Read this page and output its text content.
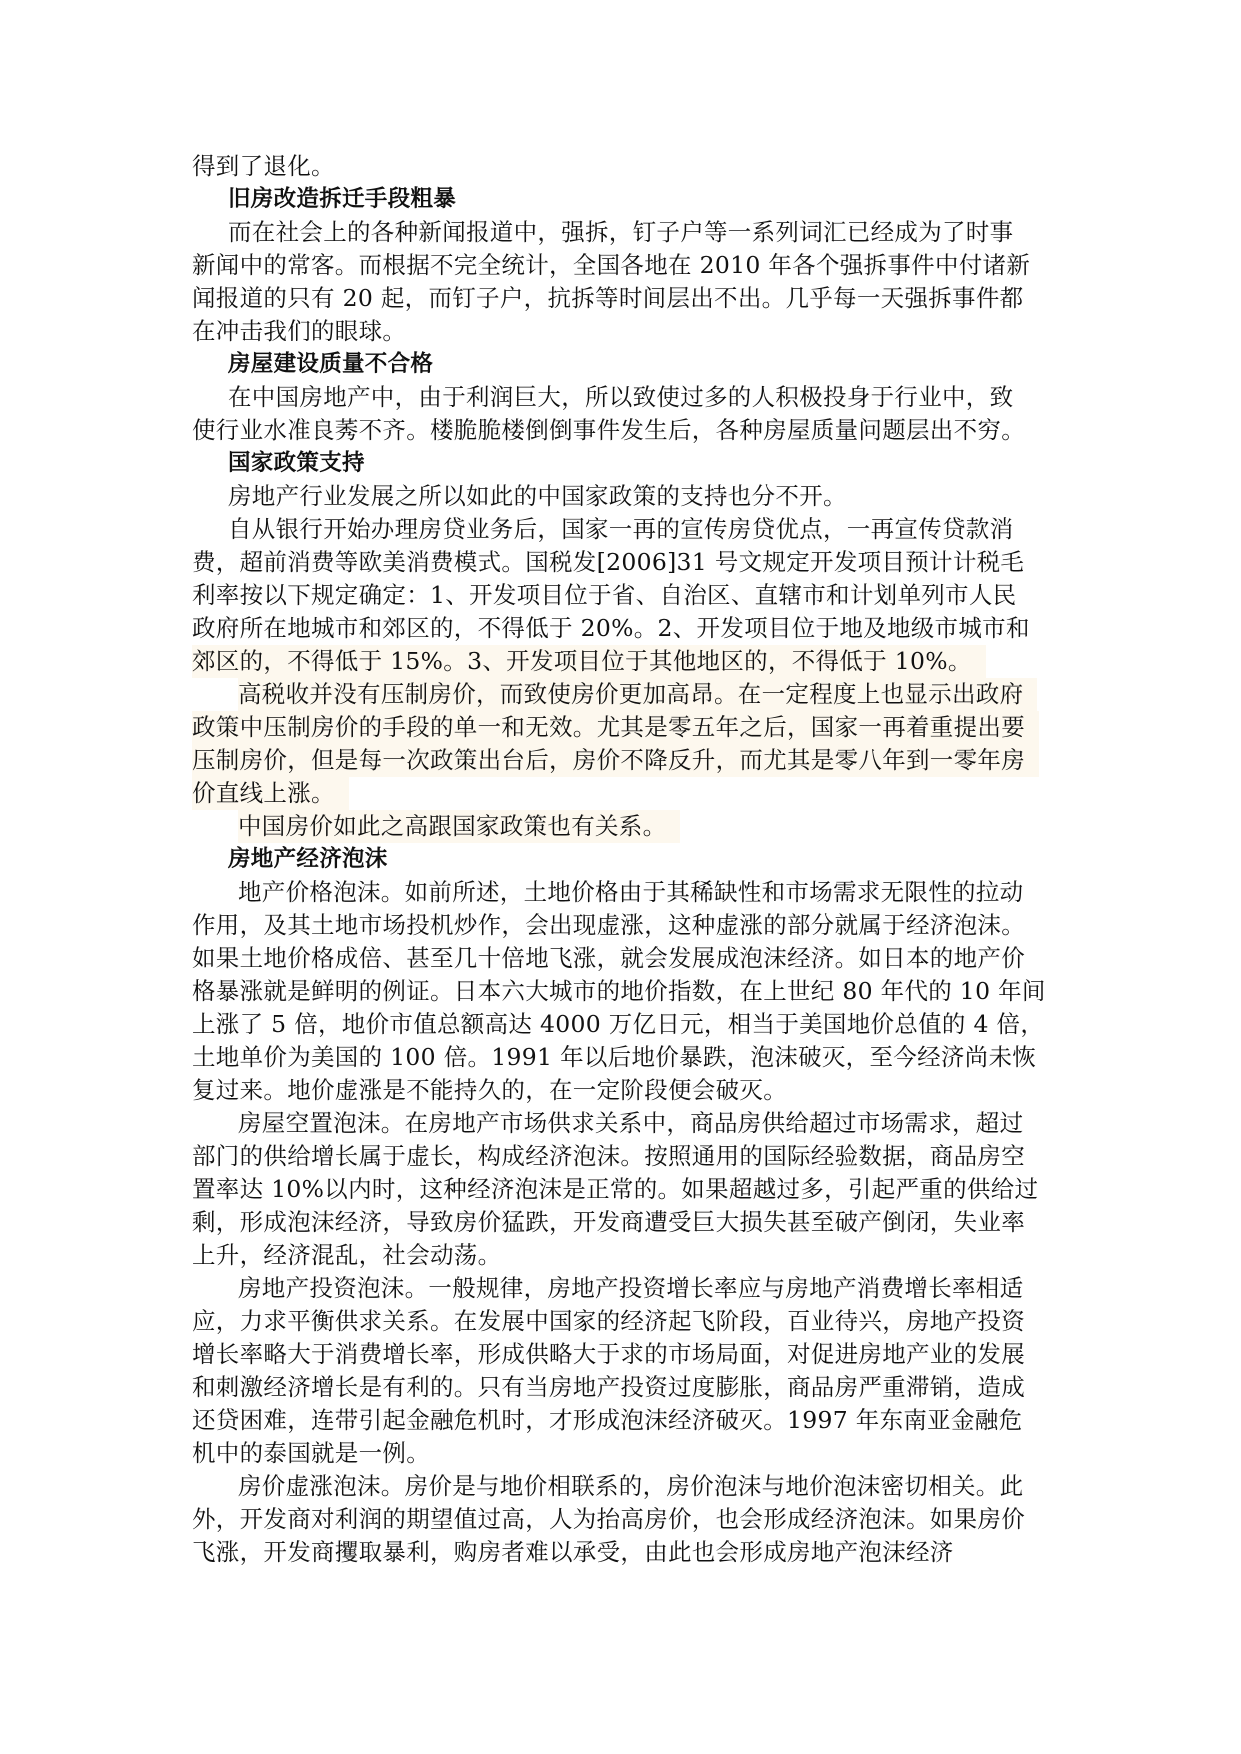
得到了退化。
旧房改造拆迁手段粗暴
而在社会上的各种新闻报道中，强拆，钉子户等一系列词汇已经成为了时事
新闻中的常客。而根据不完全统计，全国各地在 2010 年各个强拆事件中付诸新
闻报道的只有 20 起，而钉子户，抗拆等时间层出不出。几乎每一天强拆事件都
在冲击我们的眼球。
房屋建设质量不合格
在中国房地产中，由于利润巨大，所以致使过多的人积极投身于行业中，致
使行业水准良莠不齐。楼脆脆楼倒倒事件发生后，各种房屋质量问题层出不穷。
国家政策支持
房地产行业发展之所以如此的中国家政策的支持也分不开。
自从银行开始办理房贷业务后，国家一再的宣传房贷优点，一再宣传贷款消
费，超前消费等欧美消费模式。国税发[2006]31 号文规定开发项目预计计税毛
利率按以下规定确定：1、开发项目位于省、自治区、直辖市和计划单列市人民
政府所在地城市和郊区的，不得低于 20%。2、开发项目位于地及地级市城市和
郊区的，不得低于 15%。3、开发项目位于其他地区的，不得低于 10%。
高税收并没有压制房价，而致使房价更加高昂。在一定程度上也显示出政府
政策中压制房价的手段的单一和无效。尤其是零五年之后，国家一再着重提出要
压制房价，但是每一次政策出台后，房价不降反升，而尤其是零八年到一零年房
价直线上涨。
中国房价如此之高跟国家政策也有关系。
房地产经济泡沫
地产价格泡沫。如前所述，土地价格由于其稀缺性和市场需求无限性的拉动
作用，及其土地市场投机炒作，会出现虚涨，这种虚涨的部分就属于经济泡沫。
如果土地价格成倍、甚至几十倍地飞涨，就会发展成泡沫经济。如日本的地产价
格暴涨就是鲜明的例证。日本六大城市的地价指数，在上世纪 80 年代的 10 年间
上涨了 5 倍，地价市值总额高达 4000 万亿日元，相当于美国地价总值的 4 倍，
土地单价为美国的 100 倍。1991 年以后地价暴跌，泡沫破灭，至今经济尚未恢
复过来。地价虚涨是不能持久的，在一定阶段便会破灭。
房屋空置泡沫。在房地产市场供求关系中，商品房供给超过市场需求，超过
部门的供给增长属于虚长，构成经济泡沫。按照通用的国际经验数据，商品房空
置率达 10%以内时，这种经济泡沫是正常的。如果超越过多，引起严重的供给过
剩，形成泡沫经济，导致房价猛跌，开发商遭受巨大损失甚至破产倒闭，失业率
上升，经济混乱，社会动荡。
房地产投资泡沫。一般规律，房地产投资增长率应与房地产消费增长率相适
应，力求平衡供求关系。在发展中国家的经济起飞阶段，百业待兴，房地产投资
增长率略大于消费增长率，形成供略大于求的市场局面，对促进房地产业的发展
和刺激经济增长是有利的。只有当房地产投资过度膨胀，商品房严重滞销，造成
还贷困难，连带引起金融危机时，才形成泡沫经济破灭。1997 年东南亚金融危
机中的泰国就是一例。
房价虚涨泡沫。房价是与地价相联系的，房价泡沫与地价泡沫密切相关。此
外，开发商对利润的期望值过高，人为抬高房价，也会形成经济泡沫。如果房价
飞涨，开发商攫取暴利，购房者难以承受，由此也会形成房地产泡沫经济
